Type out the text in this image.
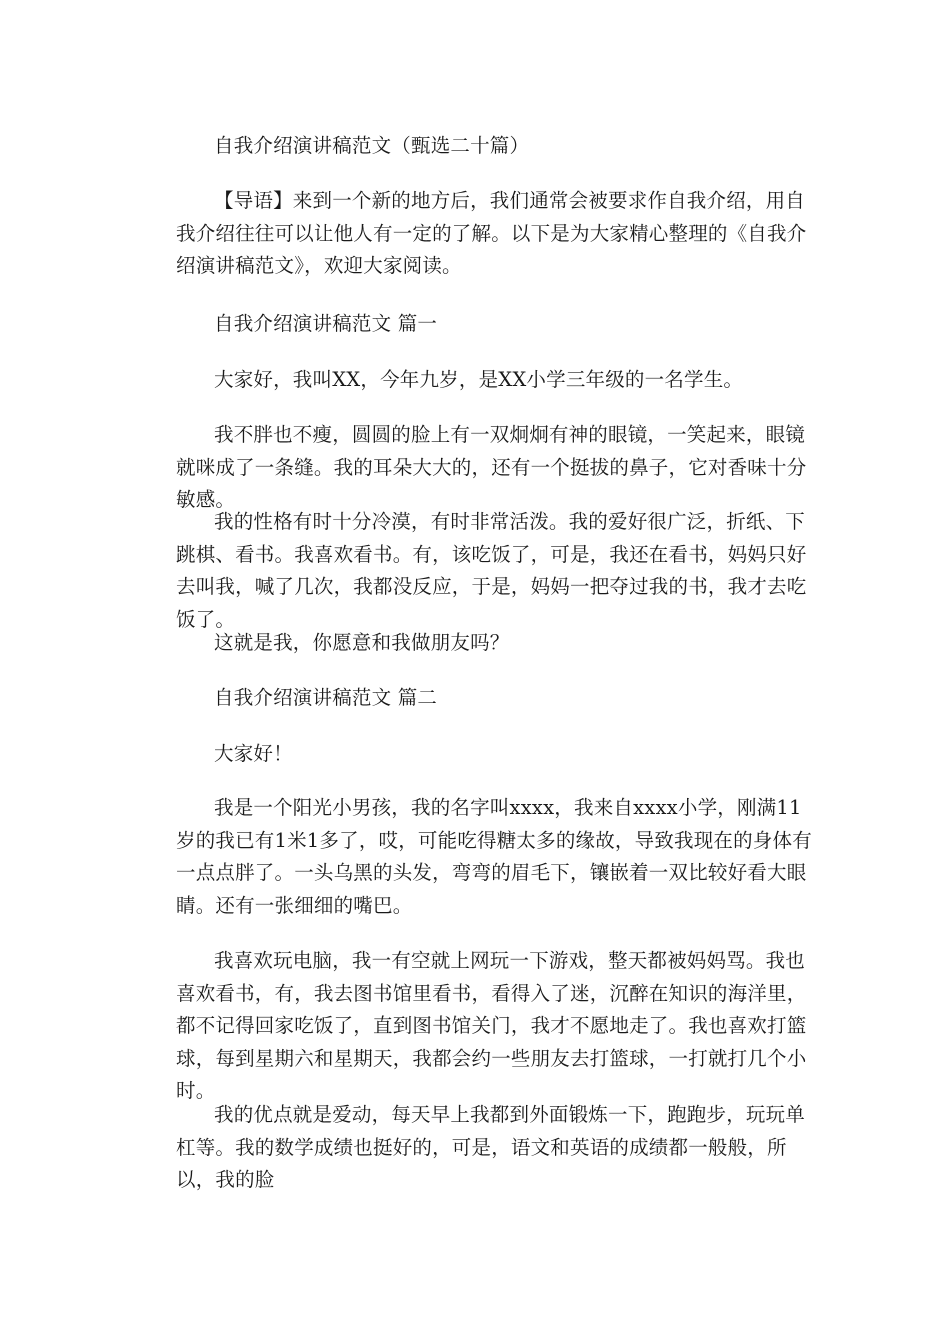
自我介绍演讲稿范文（甄选二十篇）

【导语】来到一个新的地方后，我们通常会被要求作自我介绍，用自我介绍往往可以让他人有一定的了解。以下是为大家精心整理的《自我介绍演讲稿范文》，欢迎大家阅读。

自我介绍演讲稿范文 篇一

大家好，我叫XX，今年九岁，是XX小学三年级的一名学生。

我不胖也不瘦，圆圆的脸上有一双炯炯有神的眼镜，一笑起来，眼镜就咪成了一条缝。我的耳朵大大的，还有一个挺拔的鼻子，它对香味十分敏感。

我的性格有时十分冷漠，有时非常活泼。我的爱好很广泛，折纸、下跳棋、看书。我喜欢看书。有，该吃饭了，可是，我还在看书，妈妈只好去叫我，喊了几次，我都没反应，于是，妈妈一把夺过我的书，我才去吃饭了。

这就是我，你愿意和我做朋友吗？

自我介绍演讲稿范文 篇二

大家好！

我是一个阳光小男孩，我的名字叫xxxx，我来自xxxx小学，刚满11岁的我已有1米1多了，哎，可能吃得糖太多的缘故，导致我现在的身体有一点点胖了。一头乌黑的头发，弯弯的眉毛下，镶嵌着一双比较好看大眼睛。还有一张细细的嘴巴。

我喜欢玩电脑，我一有空就上网玩一下游戏，整天都被妈妈骂。我也喜欢看书，有，我去图书馆里看书，看得入了迷，沉醉在知识的海洋里，都不记得回家吃饭了，直到图书馆关门，我才不愿地走了。我也喜欢打篮球，每到星期六和星期天，我都会约一些朋友去打篮球，一打就打几个小时。

我的优点就是爱动，每天早上我都到外面锻炼一下，跑跑步，玩玩单杠等。我的数学成绩也挺好的，可是，语文和英语的成绩都一般般，所以，我的脸
